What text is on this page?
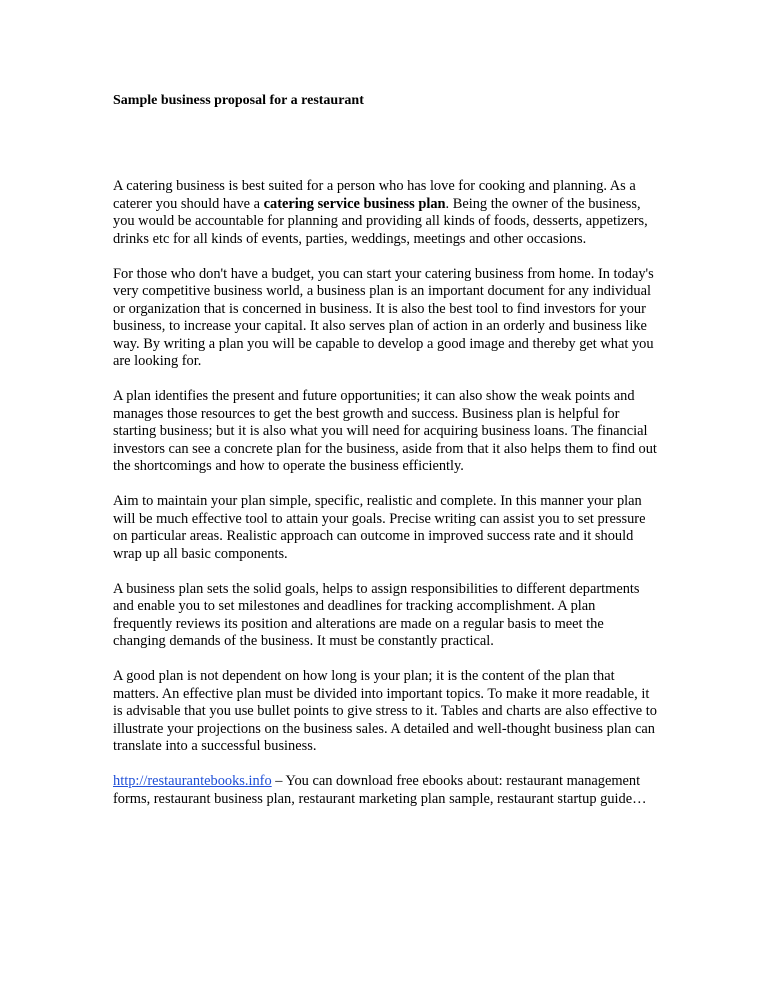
Sample business proposal for a restaurant

A catering business is best suited for a person who has love for cooking and planning. As a caterer you should have a catering service business plan. Being the owner of the business, you would be accountable for planning and providing all kinds of foods, desserts, appetizers, drinks etc for all kinds of events, parties, weddings, meetings and other occasions.

For those who don't have a budget, you can start your catering business from home. In today's very competitive business world, a business plan is an important document for any individual or organization that is concerned in business. It is also the best tool to find investors for your business, to increase your capital. It also serves plan of action in an orderly and business like way. By writing a plan you will be capable to develop a good image and thereby get what you are looking for.

A plan identifies the present and future opportunities; it can also show the weak points and manages those resources to get the best growth and success. Business plan is helpful for starting business; but it is also what you will need for acquiring business loans. The financial investors can see a concrete plan for the business, aside from that it also helps them to find out the shortcomings and how to operate the business efficiently.

Aim to maintain your plan simple, specific, realistic and complete. In this manner your plan will be much effective tool to attain your goals. Precise writing can assist you to set pressure on particular areas. Realistic approach can outcome in improved success rate and it should wrap up all basic components.

A business plan sets the solid goals, helps to assign responsibilities to different departments and enable you to set milestones and deadlines for tracking accomplishment. A plan frequently reviews its position and alterations are made on a regular basis to meet the changing demands of the business. It must be constantly practical.

A good plan is not dependent on how long is your plan; it is the content of the plan that matters. An effective plan must be divided into important topics. To make it more readable, it is advisable that you use bullet points to give stress to it. Tables and charts are also effective to illustrate your projections on the business sales. A detailed and well-thought business plan can translate into a successful business.

http://restaurantebooks.info – You can download free ebooks about: restaurant management forms, restaurant business plan, restaurant marketing plan sample, restaurant startup guide…
